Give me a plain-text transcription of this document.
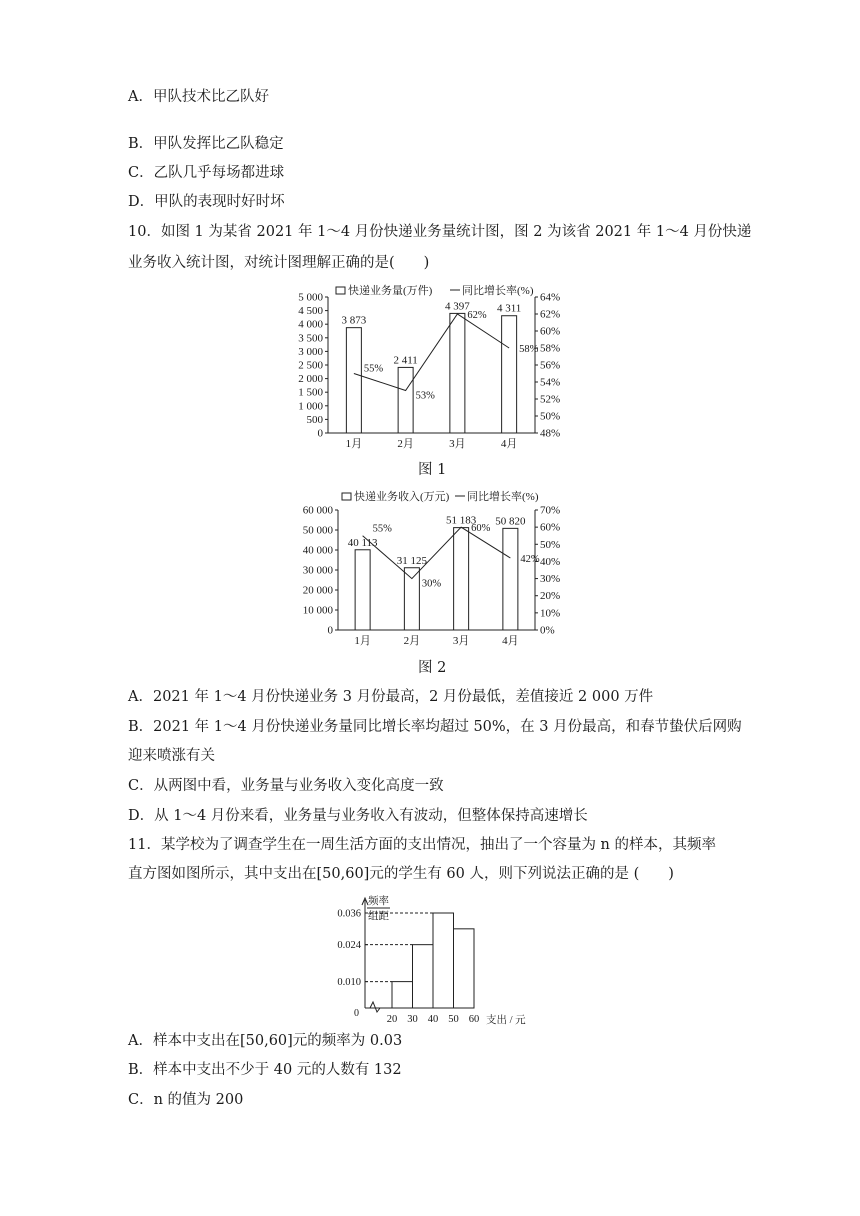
A．甲队技术比乙队好
B．甲队发挥比乙队稳定
C．乙队几乎每场都进球
D．甲队的表现时好时坏
10．如图 1 为某省 2021 年 1～4 月份快递业务量统计图，图 2 为该省 2021 年 1～4 月份快递
业务收入统计图，对统计图理解正确的是(　　)
0
500
1 000
1 500
2 000
2 500
3 000
3 500
4 000
4 500
5 000
48%
50%
52%
54%
56%
58%
60%
62%
64%
3 873
1月
2 411
2月
4 397
3月
4 311
4月
55%
53%
62%
58%
快递业务量(万件)	同比增长率(%)
图 1
0
10 000
20 000
30 000
40 000
50 000
60 000
0%
10%
20%
30%
40%
50%
60%
70%
40 113
1月
31 125
2月
51 183
3月
50 820
4月
55%
30%
60%
42%
快递业务收入(万元) 同比增长率(%)
图 2
A．2021 年 1～4 月份快递业务 3 月份最高，2 月份最低，差值接近 2 000 万件
B．2021 年 1～4 月份快递业务量同比增长率均超过 50%，在 3 月份最高，和春节蛰伏后网购
迎来喷涨有关
C．从两图中看，业务量与业务收入变化高度一致
D．从 1～4 月份来看，业务量与业务收入有波动，但整体保持高速增长
11．某学校为了调查学生在一周生活方面的支出情况，抽出了一个容量为 n 的样本，其频率
直方图如图所示，其中支出在[50,60]元的学生有 60 人，则下列说法正确的是 (　　)
0
频率
组距
0.010
0.024
0.036
20 30 40 50 60 支出 / 元
A．样本中支出在[50,60]元的频率为 0.03
B．样本中支出不少于 40 元的人数有 132
C．n 的值为 200
